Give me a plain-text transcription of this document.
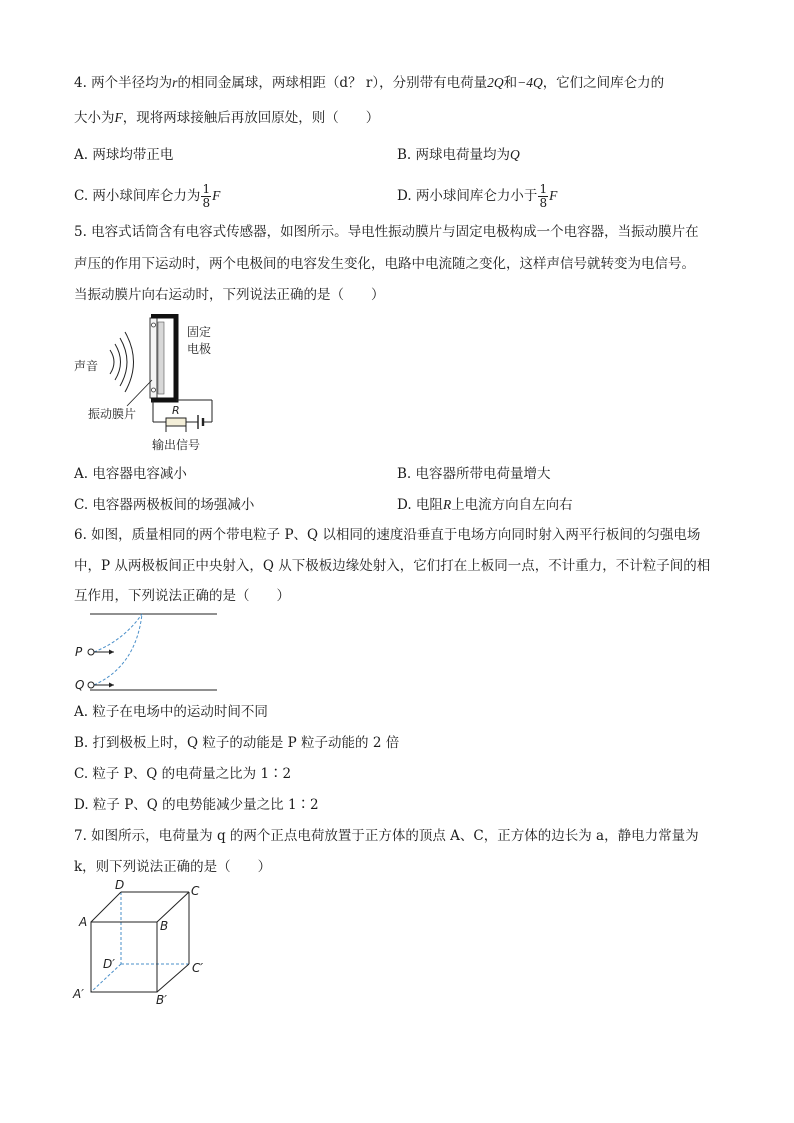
4. 两个半径均为r的相同金属球，两球相距（d？ r），分别带有电荷量2Q和−4Q，它们之间库仑力的
大小为F，现将两球接触后再放回原处，则（　　）
A. 两球均带正电	B. 两球电荷量均为Q
C. 两小球间库仑力为 $\frac{1}{8}$ F	D. 两小球间库仑力小于 $\frac{1}{8}$ F
5. 电容式话筒含有电容式传感器，如图所示。导电性振动膜片与固定电极构成一个电容器，当振动膜片在
声压的作用下运动时，两个电极间的电容发生变化，电路中电流随之变化，这样声信号就转变为电信号。
当振动膜片向右运动时，下列说法正确的是（　　）
声音
固定
电极
振动膜片	R
输出信号
A. 电容器电容减小	B. 电容器所带电荷量增大
C. 电容器两极板间的场强减小	D. 电阻R上电流方向自左向右
6. 如图，质量相同的两个带电粒子 P、Q 以相同的速度沿垂直于电场方向同时射入两平行板间的匀强电场
中，P 从两极板间正中央射入，Q 从下极板边缘处射入，它们打在上板同一点，不计重力，不计粒子间的相
互作用，下列说法正确的是（　　）
P
Q
A. 粒子在电场中的运动时间不同
B. 打到极板上时，Q 粒子的动能是 P 粒子动能的 2 倍
C. 粒子 P、Q 的电荷量之比为 1∶2
D. 粒子 P、Q 的电势能减少量之比 1∶2
7. 如图所示，电荷量为 q 的两个正点电荷放置于正方体的顶点 A、C，正方体的边长为 a，静电力常量为
k，则下列说法正确的是（　　）
D	C
A	B
D′	C′
A′	B′
